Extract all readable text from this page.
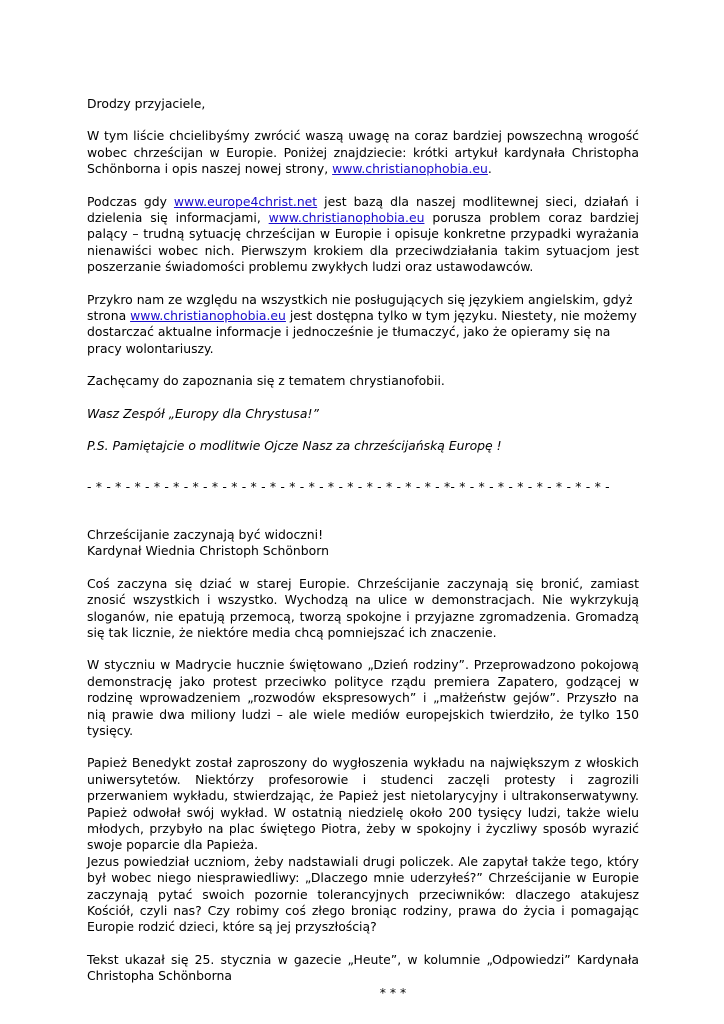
Drodzy przyjaciele,

W tym liście chcielibyśmy zwrócić waszą uwagę na coraz bardziej powszechną wrogość wobec chrześcijan w Europie. Poniżej znajdziecie: krótki artykuł kardynała Christopha Schönborna i opis naszej nowej strony, www.christianophobia.eu.

Podczas gdy www.europe4christ.net jest bazą dla naszej modlitewnej sieci, działań i dzielenia się informacjami, www.christianophobia.eu porusza problem coraz bardziej palący – trudną sytuację chrześcijan w Europie i opisuje konkretne przypadki wyrażania nienawiści wobec nich. Pierwszym krokiem dla przeciwdziałania takim sytuacjom jest poszerzanie świadomości problemu zwykłych ludzi oraz ustawodawców.

Przykro nam ze względu na wszystkich nie posługujących się językiem angielskim, gdyż strona www.christianophobia.eu jest dostępna tylko w tym języku. Niestety, nie możemy dostarczać aktualne informacje i jednocześnie je tłumaczyć, jako że opieramy się na pracy wolontariuszy.

Zachęcamy do zapoznania się z tematem chrystianofobii.

Wasz Zespół „Europy dla Chrystusa!”

P.S. Pamiętajcie o modlitwie Ojcze Nasz za chrześcijańską Europę !

- * - * - * - * - * - * - * - * - * - * - * - * - * - * - * - * - * - * - *- * - * - * - * - * - * - * - * -

Chrześcijanie zaczynają być widoczni!

Kardynał Wiednia Christoph Schönborn

Coś zaczyna się dziać w starej Europie. Chrześcijanie zaczynają się bronić, zamiast znosić wszystkich i wszystko. Wychodzą na ulice w demonstracjach. Nie wykrzykują sloganów, nie epatują przemocą, tworzą spokojne i przyjazne zgromadzenia. Gromadzą się tak licznie, że niektóre media chcą pomniejszać ich znaczenie.

W styczniu w Madrycie hucznie świętowano „Dzień rodziny”. Przeprowadzono pokojową demonstrację jako protest przeciwko polityce rządu premiera Zapatero, godzącej w rodzinę wprowadzeniem „rozwodów ekspresowych” i „małżeństw gejów”. Przyszło na nią prawie dwa miliony ludzi – ale wiele mediów europejskich twierdziło, że tylko 150 tysięcy.

Papież Benedykt został zaproszony do wygłoszenia wykładu na największym z włoskich uniwersytetów. Niektórzy profesorowie i studenci zaczęli protesty i zagrozili przerwaniem wykładu, stwierdzając, że Papież jest nietolarycyjny i ultrakonserwatywny. Papież odwołał swój wykład. W ostatnią niedzielę około 200 tysięcy ludzi, także wielu młodych, przybyło na plac świętego Piotra, żeby w spokojny i życzliwy sposób wyrazić swoje poparcie dla Papieża.

Jezus powiedział uczniom, żeby nadstawiali drugi policzek. Ale zapytał także tego, który był wobec niego niesprawiedliwy: „Dlaczego mnie uderzyłeś?” Chrześcijanie w Europie zaczynają pytać swoich pozornie tolerancyjnych przeciwników: dlaczego atakujesz Kościół, czyli nas? Czy robimy coś złego broniąc rodziny, prawa do życia i pomagając Europie rodzić dzieci, które są jej przyszłością?

Tekst ukazał się 25. stycznia w gazecie „Heute”, w kolumnie „Odpowiedzi” Kardynała Christopha Schönborna

* * *
